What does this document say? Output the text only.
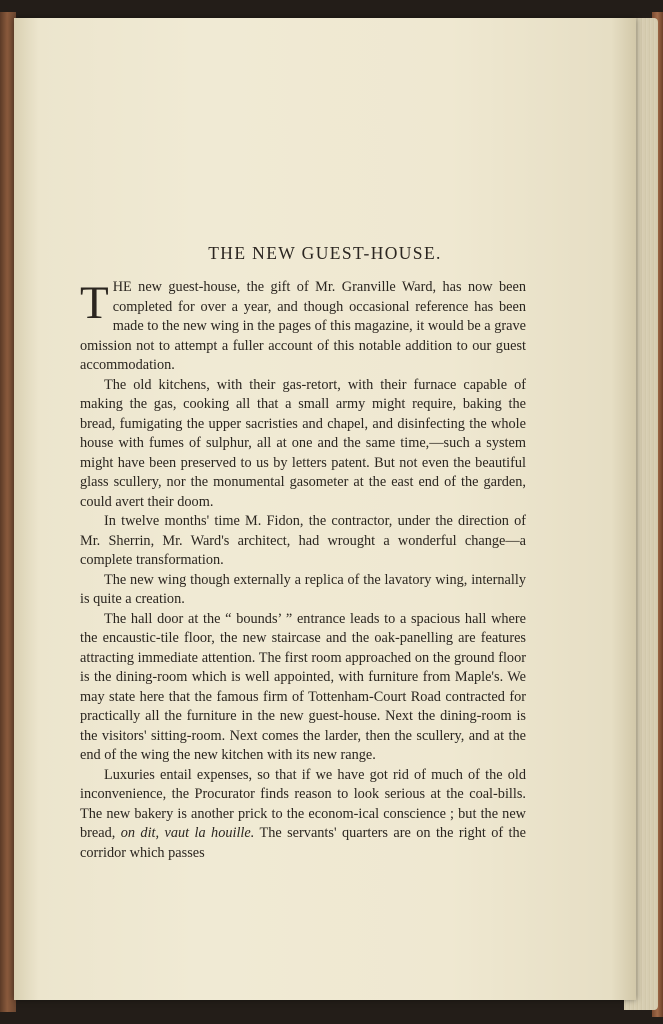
THE NEW GUEST-HOUSE.

THE new guest-house, the gift of Mr. Granville Ward, has now been completed for over a year, and though occasional reference has been made to the new wing in the pages of this magazine, it would be a grave omission not to attempt a fuller account of this notable addition to our guest accommodation.

The old kitchens, with their gas-retort, with their furnace capable of making the gas, cooking all that a small army might require, baking the bread, fumigating the upper sacristies and chapel, and disinfecting the whole house with fumes of sulphur, all at one and the same time,—such a system might have been preserved to us by letters patent. But not even the beautiful glass scullery, nor the monumental gasometer at the east end of the garden, could avert their doom.

In twelve months' time M. Fidon, the contractor, under the direction of Mr. Sherrin, Mr. Ward's architect, had wrought a wonderful change—a complete transformation.

The new wing though externally a replica of the lavatory wing, internally is quite a creation.

The hall door at the “ bounds’ ” entrance leads to a spacious hall where the encaustic-tile floor, the new staircase and the oak-panelling are features attracting immediate attention. The first room approached on the ground floor is the dining-room which is well appointed, with furniture from Maple's. We may state here that the famous firm of Tottenham-Court Road contracted for practically all the furniture in the new guest-house. Next the dining-room is the visitors' sitting-room. Next comes the larder, then the scullery, and at the end of the wing the new kitchen with its new range.

Luxuries entail expenses, so that if we have got rid of much of the old inconvenience, the Procurator finds reason to look serious at the coal-bills. The new bakery is another prick to the econom-ical conscience ; but the new bread, on dit, vaut la houille. The servants' quarters are on the right of the corridor which passes
